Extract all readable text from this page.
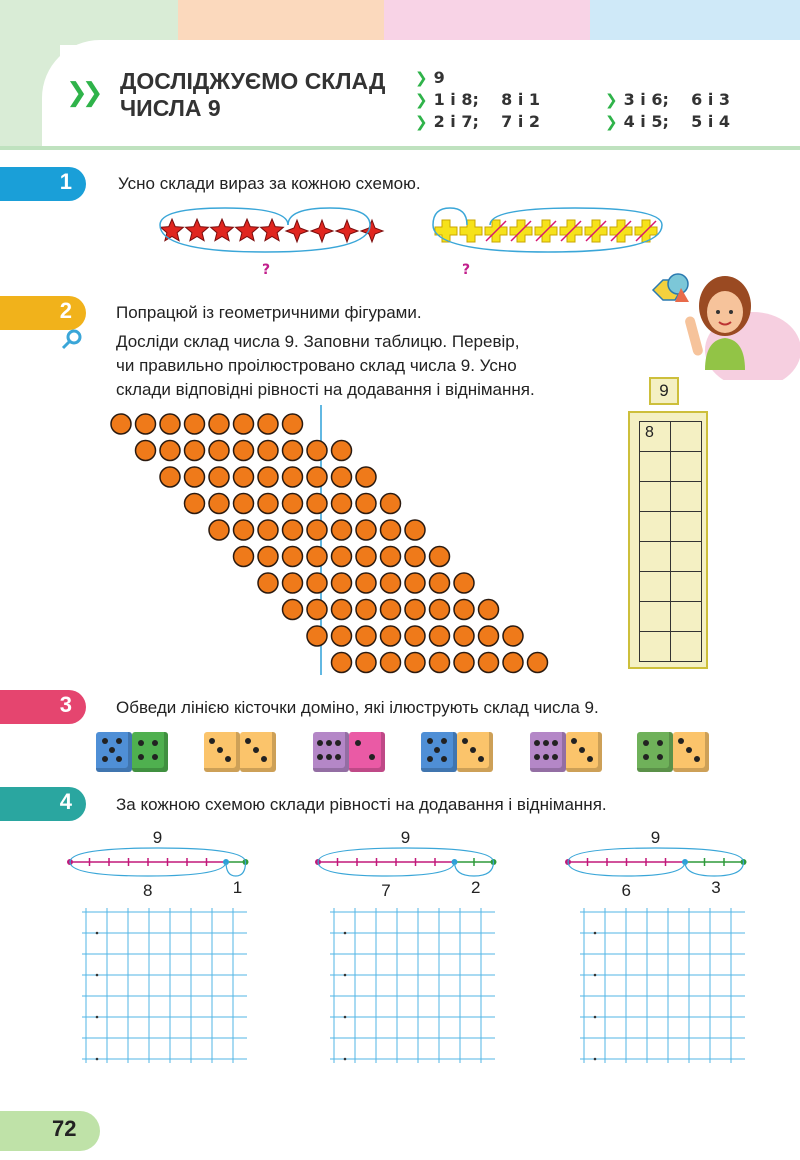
❯❯ ДОСЛІДЖУЄМО СКЛАД
ЧИСЛА 9
❯ 9
❯ 1 і 8;    8 і 1
❯ 2 і 7;    7 і 2
❯ 3 і 6;    6 і 3
❯ 4 і 5;    5 і 4
1	Усно склади вираз за кожною схемою.
?	?
2	Попрацюй із геометричними фігурами.
Досліди склад числа 9. Заповни таблицю. Перевір,
чи правильно проілюстровано склад числа 9. Усно
склади відповідні рівності на додавання і віднімання.	9
8	

3	Обведи лінією кісточки доміно, які ілюструють склад числа 9.
4	За кожною схемою склади рівності на додавання і віднімання.
9
8	1
9
7	2
9
6	3
72
